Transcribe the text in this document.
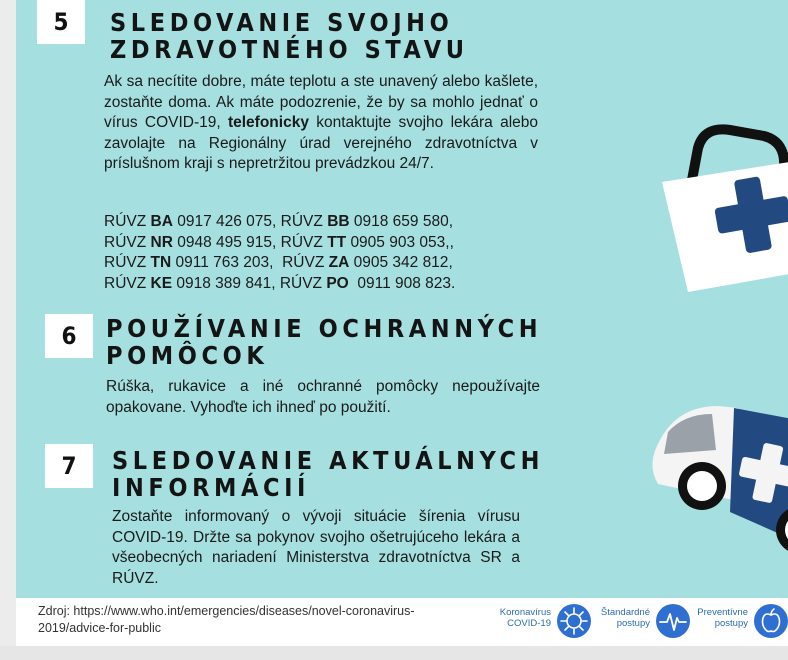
5	SLEDOVANIE SVOJHO
ZDRAVOTNÉHO STAVU

Ak sa necítite dobre, máte teplotu a ste unavený alebo kašlete, zostaňte doma. Ak máte podozrenie, že by sa mohlo jednať o vírus COVID-19, telefonicky kontaktujte svojho lekára alebo zavolajte na Regionálny úrad verejného zdravotníctva v príslušnom kraji s nepretržitou prevádzkou 24/7.

RÚVZ BA 0917 426 075, RÚVZ BB 0918 659 580,
RÚVZ NR 0948 495 915, RÚVZ TT 0905 903 053,,
RÚVZ TN 0911 763 203, RÚVZ ZA 0905 342 812,
RÚVZ KE 0918 389 841, RÚVZ PO 0911 908 823.
6	POUŽÍVANIE OCHRANNÝCH
POMÔCOK

Rúška, rukavice a iné ochranné pomôcky nepoužívajte opakovane. Vyhoďte ich ihneď po použití.

7	SLEDOVANIE AKTUÁLNYCH
INFORMÁCIÍ

Zostaňte informovaný o vývoji situácie šírenia vírusu COVID-19. Držte sa pokynov svojho ošetrujúceho lekára a všeobecných nariadení Ministerstva zdravotníctva SR a RÚVZ.

Zdroj: https://www.who.int/emergencies/diseases/novel-coronavirus-
2019/advice-for-public

Koronavírus
COVID-19
Štandardné
postupy
Preventívne
postupy
